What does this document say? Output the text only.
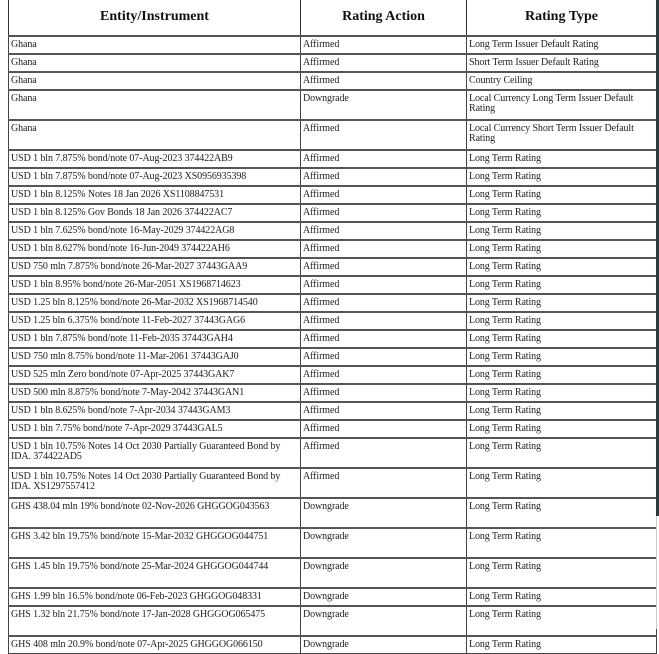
Entity/Instrument	Rating Action	Rating Type
Ghana	Affirmed	Long Term Issuer Default Rating
Ghana	Affirmed	Short Term Issuer Default Rating
Ghana	Affirmed	Country Ceiling
Ghana	Downgrade	Local Currency Long Term Issuer Default Rating
Ghana	Affirmed	Local Currency Short Term Issuer Default Rating
USD 1 bln 7.875% bond/note 07-Aug-2023 374422AB9	Affirmed	Long Term Rating
USD 1 bln 7.875% bond/note 07-Aug-2023 XS0956935398	Affirmed	Long Term Rating
USD 1 bln 8.125% Notes 18 Jan 2026 XS1108847531	Affirmed	Long Term Rating
USD 1 bln 8.125% Gov Bonds 18 Jan 2026 374422AC7	Affirmed	Long Term Rating
USD 1 bln 7.625% bond/note 16-May-2029 374422AG8	Affirmed	Long Term Rating
USD 1 bln 8.627% bond/note 16-Jun-2049 374422AH6	Affirmed	Long Term Rating
USD 750 mln 7.875% bond/note 26-Mar-2027 37443GAA9	Affirmed	Long Term Rating
USD 1 bln 8.95% bond/note 26-Mar-2051 XS1968714623	Affirmed	Long Term Rating
USD 1.25 bln 8.125% bond/note 26-Mar-2032 XS1968714540	Affirmed	Long Term Rating
USD 1.25 bln 6.375% bond/note 11-Feb-2027 37443GAG6	Affirmed	Long Term Rating
USD 1 bln 7.875% bond/note 11-Feb-2035 37443GAH4	Affirmed	Long Term Rating
USD 750 mln 8.75% bond/note 11-Mar-2061 37443GAJ0	Affirmed	Long Term Rating
USD 525 mln Zero bond/note 07-Apr-2025 37443GAK7	Affirmed	Long Term Rating
USD 500 mln 8.875% bond/note 7-May-2042 37443GAN1	Affirmed	Long Term Rating
USD 1 bln 8.625% bond/note 7-Apr-2034 37443GAM3	Affirmed	Long Term Rating
USD 1 bln 7.75% bond/note 7-Apr-2029 37443GAL5	Affirmed	Long Term Rating
USD 1 bln 10.75% Notes 14 Oct 2030 Partially Guaranteed Bond by IDA. 374422AD5	Affirmed	Long Term Rating
USD 1 bln 10.75% Notes 14 Oct 2030 Partially Guaranteed Bond by IDA. XS1297557412	Affirmed	Long Term Rating
GHS 438.04 mln 19% bond/note 02-Nov-2026 GHGGOG043563	Downgrade	Long Term Rating
GHS 3.42 bln 19.75% bond/note 15-Mar-2032 GHGGOG044751	Downgrade	Long Term Rating
GHS 1.45 bln 19.75% bond/note 25-Mar-2024 GHGGOG044744	Downgrade	Long Term Rating
GHS 1.99 bln 16.5% bond/note 06-Feb-2023 GHGGOG048331	Downgrade	Long Term Rating
GHS 1.32 bln 21.75% bond/note 17-Jan-2028 GHGGOG065475	Downgrade	Long Term Rating
GHS 408 mln 20.9% bond/note 07-Apr-2025 GHGGOG066150	Downgrade	Long Term Rating
